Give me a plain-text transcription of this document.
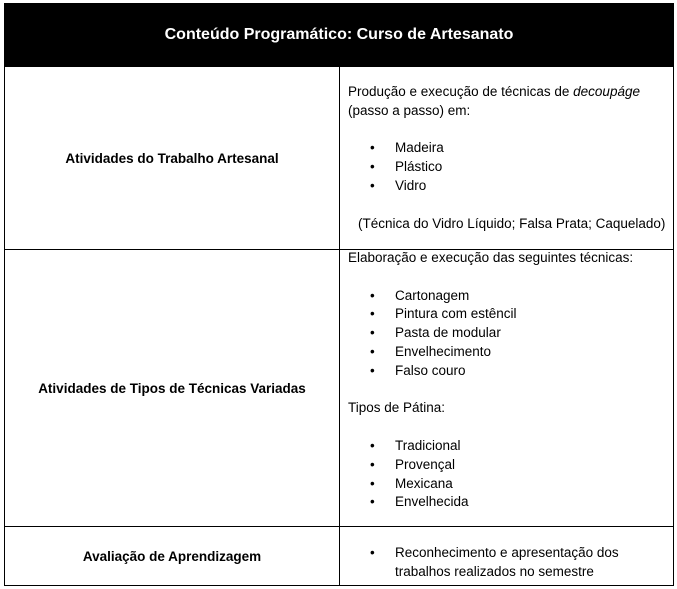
Conteúdo Programático: Curso de Artesanato
Atividades do Trabalho Artesanal

Produção e execução de técnicas de decoupáge

(passo a passo) em:

• Madeira
• Plástico
• Vidro

(Técnica do Vidro Líquido; Falsa Prata; Caquelado)

Atividades de Tipos de Técnicas Variadas

Elaboração e execução das seguintes técnicas:

• Cartonagem
• Pintura com estêncil
• Pasta de modular
• Envelhecimento
• Falso couro

Tipos de Pátina:

• Tradicional
• Provençal
• Mexicana
• Envelhecida
Avaliação de Aprendizagem	• Reconhecimento e apresentação dos trabalhos realizados no semestre
